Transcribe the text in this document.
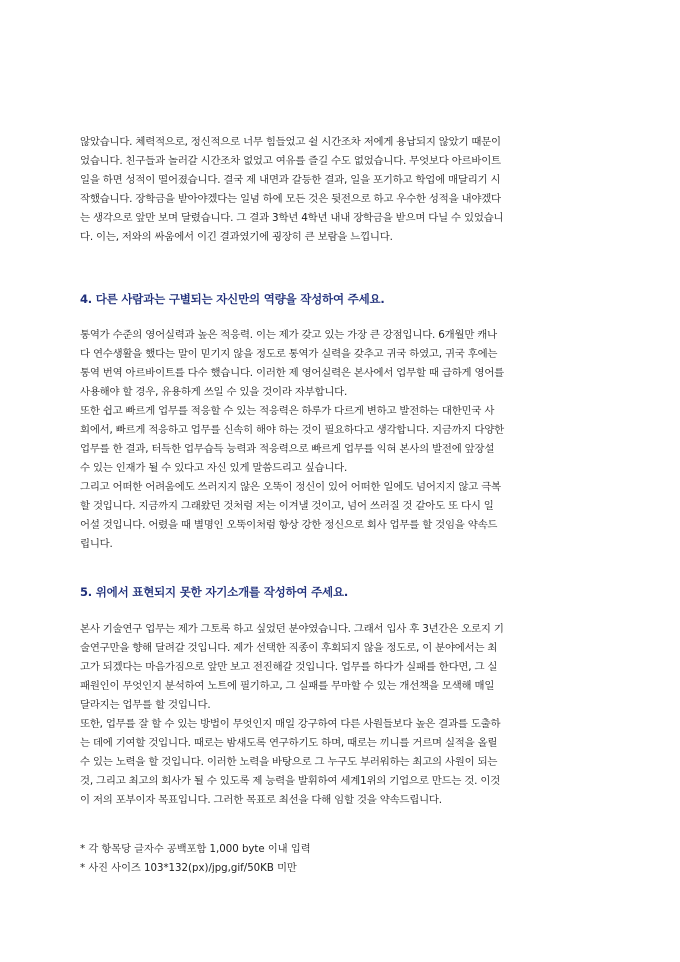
않았습니다. 체력적으로, 정신적으로 너무 힘들었고 쉴 시간조차 저에게 용납되지 않았기 때문이
었습니다. 친구들과 놀러갈 시간조차 없었고 여유를 즐길 수도 없었습니다. 무엇보다 아르바이트
일을 하면 성적이 떨어졌습니다. 결국 제 내면과 갈등한 결과, 일을 포기하고 학업에 매달리기 시
작했습니다. 장학금을 받아야겠다는 일념 하에 모든 것은 뒷전으로 하고 우수한 성적을 내야겠다
는 생각으로 앞만 보며 달렸습니다. 그 결과 3학년 4학년 내내 장학금을 받으며 다닐 수 있었습니
다. 이는, 저와의 싸움에서 이긴 결과였기에 굉장히 큰 보람을 느낍니다.
4. 다른 사람과는 구별되는 자신만의 역량을 작성하여 주세요.
통역가 수준의 영어실력과 높은 적응력. 이는 제가 갖고 있는 가장 큰 강점입니다. 6개월만 캐나
다 연수생활을 했다는 말이 믿기지 않을 정도로 통역가 실력을 갖추고 귀국 하였고, 귀국 후에는
통역 번역 아르바이트를 다수 했습니다. 이러한 제 영어실력은 본사에서 업무할 때 급하게 영어를
사용해야 할 경우, 유용하게 쓰일 수 있을 것이라 자부합니다.
또한 쉽고 빠르게 업무를 적응할 수 있는 적응력은 하루가 다르게 변하고 발전하는 대한민국 사
회에서, 빠르게 적응하고 업무를 신속히 해야 하는 것이 필요하다고 생각합니다. 지금까지 다양한
업무를 한 결과, 터득한 업무습득 능력과 적응력으로 빠르게 업무를 익혀 본사의 발전에 앞장설
수 있는 인재가 될 수 있다고 자신 있게 말씀드리고 싶습니다.
그리고 어떠한 어려움에도 쓰러지지 않은 오뚝이 정신이 있어 어떠한 일에도 넘어지지 않고 극복
할 것입니다. 지금까지 그래왔던 것처럼 저는 이겨낼 것이고, 넘어 쓰러질 것 같아도 또 다시 일
어설 것입니다. 어렸을 때 별명인 오뚝이처럼 항상 강한 정신으로 회사 업무를 할 것임을 약속드
립니다.
5. 위에서 표현되지 못한 자기소개를 작성하여 주세요.
본사 기술연구 업무는 제가 그토록 하고 싶었던 분야였습니다. 그래서 입사 후 3년간은 오로지 기
술연구만을 향해 달려갈 것입니다. 제가 선택한 직종이 후회되지 않을 정도로, 이 분야에서는 최
고가 되겠다는 마음가짐으로 앞만 보고 전진해갈 것입니다. 업무를 하다가 실패를 한다면, 그 실
패원인이 무엇인지 분석하여 노트에 필기하고, 그 실패를 무마할 수 있는 개선책을 모색해 매일
달라지는 업무를 할 것입니다.
또한, 업무를 잘 할 수 있는 방법이 무엇인지 매일 강구하여 다른 사원들보다 높은 결과를 도출하
는 데에 기여할 것입니다. 때로는 밤새도록 연구하기도 하며, 때로는 끼니를 거르며 실적을 올릴
수 있는 노력을 할 것입니다. 이러한 노력을 바탕으로 그 누구도 부러워하는 최고의 사원이 되는
것, 그리고 최고의 회사가 될 수 있도록 제 능력을 발휘하여 세계1위의 기업으로 만드는 것. 이것
이 저의 포부이자 목표입니다. 그러한 목표로 최선을 다해 임할 것을 약속드립니다.
* 각 항목당 글자수 공백포함 1,000 byte 이내 입력
* 사진 사이즈 103*132(px)/jpg,gif/50KB 미만
